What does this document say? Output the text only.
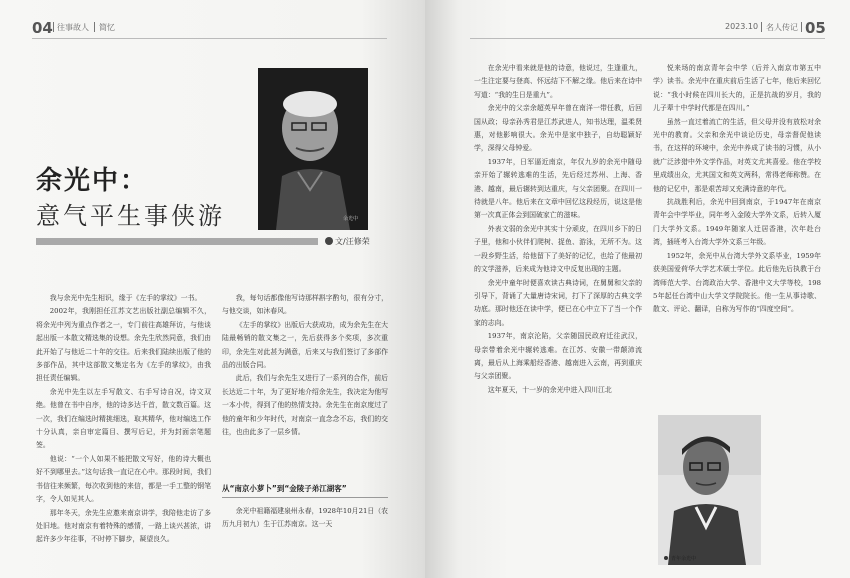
04 往事故人 简忆
余光中
余光中：
意气平生事侠游
文/汪修荣

我与余光中先生相识，缘于《左手的掌纹》一书。

2002年，我刚担任江苏文艺出版社副总编辑不久，将余光中列为重点作者之一，专门前往高雄拜访，与他谈起出版一本散文精选集的设想。余先生欣然同意，我们由此开始了与他近二十年的交往。后来我们陆续出版了他的多部作品，其中这部散文集定名为《左手的掌纹》，由我担任责任编辑。

余光中先生以左手写散文、右手写诗自况，诗文双绝。他曾在书中自序，他的诗多达千首，散文数百篇。这一次，我们在编选时精挑细选，取其精华，他对编选工作十分认真，亲自审定篇目、撰写后记，并为封面亲笔题签。

他说：“一个人如果不能把散文写好，他的诗大概也好不到哪里去。”这句话我一直记在心中。那段时间，我们书信往来频繁，每次收到他的来信，都是一手工整的钢笔字，令人如见其人。

那年冬天，余先生应邀来南京讲学，我陪他走访了多处旧地。他对南京有着特殊的感情，一路上谈兴甚浓，讲起许多少年往事，不时停下脚步，凝望良久。

我，每句话都像他写诗那样斟字酌句，很有分寸，与他交谈，如沐春风。

《左手的掌纹》出版后大获成功，成为余先生在大陆最畅销的散文集之一，先后获得多个奖项，多次重印，余先生对此甚为满意，后来又与我们签订了多部作品的出版合同。

此后，我们与余先生又进行了一系列的合作，前后长达近二十年，为了更好地介绍余先生，我决定为他写一本小传，得到了他的热情支持。余先生在南京度过了他的童年和少年时代，对南京一直念念不忘，我们的交往，也由此多了一层乡情。

从“南京小萝卜”到“金陵子弟江湖客”

余光中祖籍福建泉州永春，1928年10月21日（农历九月初九）生于江苏南京。这一天

2023.10 名人传记 05

在余光中看来就是他的诗意，他说过，生逢重九，一生注定要与登高、怀远结下不解之缘。他后来在诗中写道：“我的生日是重九”。

余光中的父亲余超英早年曾在南洋一带任教，后回国从政；母亲孙秀君是江苏武进人，知书达理，温柔贤惠，对他影响很大。余光中是家中独子，自幼聪颖好学，深得父母钟爱。

1937年，日军逼近南京，年仅九岁的余光中随母亲开始了辗转逃难的生活，先后经过苏州、上海、香港、越南，最后辗转到达重庆，与父亲团聚。在四川一待就是八年。他后来在文章中回忆这段经历，说这是他第一次真正体会到国破家亡的滋味。

外表文弱的余光中其实十分顽皮，在四川乡下的日子里，他和小伙伴们爬树、捉鱼、游泳，无所不为。这一段乡野生活，给他留下了美好的记忆，也给了他最初的文学滋养，后来成为他诗文中反复出现的主题。

余光中童年时便喜欢读古典诗词，在舅舅和父亲的引导下，背诵了大量唐诗宋词，打下了深厚的古典文学功底。那时他还在读中学，便已在心中立下了当一个作家的志向。

1937年，南京沦陷，父亲随国民政府迁往武汉，母亲带着余光中辗转逃难。在江苏、安徽一带颠沛流离，最后从上海乘船经香港、越南进入云南，再到重庆与父亲团聚。

这年夏天，十一岁的余光中进入四川江北

悦来场的南京青年会中学（后并入南京市第五中学）读书。余光中在重庆前后生活了七年，他后来回忆说：“我小时候在四川长大的，正是抗战的岁月，我的儿子辈十中学时代都是在四川。”

虽然一直过着流亡的生活，但父母并没有放松对余光中的教育。父亲和余光中谈论历史，母亲督促他读书，在这样的环境中，余光中养成了读书的习惯，从小就广泛涉猎中外文学作品，对英文尤其喜爱。他在学校里成绩出众，尤其国文和英文两科，常得老师称赞。在他的记忆中，那是艰苦却又充满诗意的年代。

抗战胜利后，余光中回到南京，于1947年在南京青年会中学毕业，同年考入金陵大学外文系，后转入厦门大学外文系。1949年随家人迁居香港，次年赴台湾，插班考入台湾大学外文系三年级。

1952年，余光中从台湾大学外文系毕业，1959年获美国爱荷华大学艺术硕士学位。此后他先后执教于台湾师范大学、台湾政治大学、香港中文大学等校，1985年起任台湾中山大学文学院院长。他一生从事诗歌、散文、评论、翻译，自称为写作的“四度空间”。

青年余光中
